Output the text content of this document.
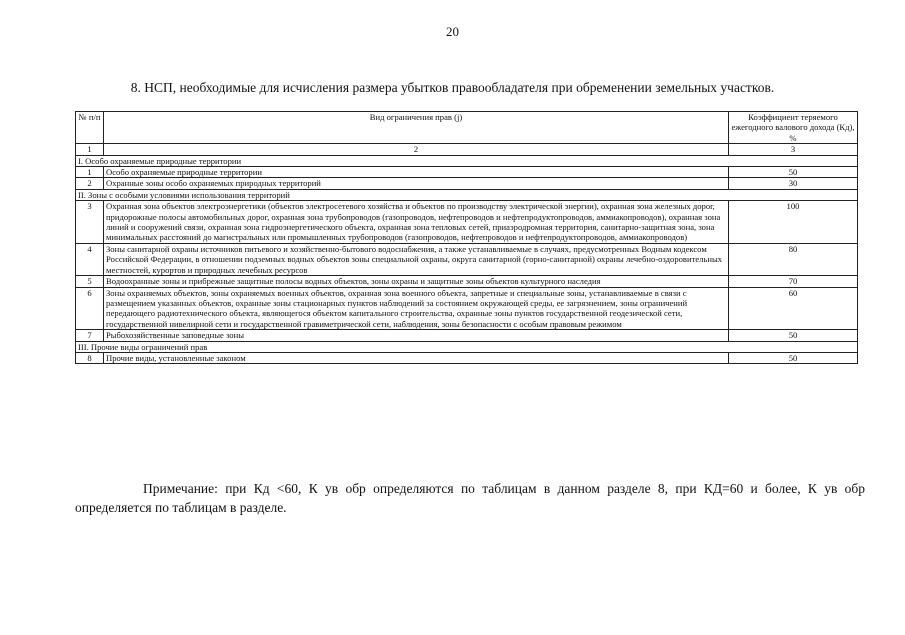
20
8. НСП, необходимые для исчисления размера убытков правообладателя при обременении земельных участков.
№ п/п	Вид ограничения прав (j)	Коэффициент теряемого ежегодного валового дохода (Кд), %
1	2	3
I. Особо охраняемые природные территории		
1	Особо охраняемые природные территории	50
2	Охранные зоны особо охраняемых природных территорий	30
II. Зоны с особыми условиями использования территорий		
3	Охранная зона объектов электроэнергетики (объектов электросетевого хозяйства и объектов по производству электрической энергии), охранная зона железных дорог, придорожные полосы автомобильных дорог, охранная зона трубопроводов (газопроводов, нефтепроводов и нефтепродуктопроводов, аммиакопроводов), охранная зона линий и сооружений связи, охранная зона гидроэнергетического объекта, охранная зона тепловых сетей, приаэродромная территория, санитарно-защитная зона, зона минимальных расстояний до магистральных или промышленных трубопроводов (газопроводов, нефтепроводов и нефтепродуктопроводов, аммиакопроводов)	100
4	Зоны санитарной охраны источников питьевого и хозяйственно-бытового водоснабжения, а также устанавливаемые в случаях, предусмотренных Водным кодексом Российской Федерации, в отношении подземных водных объектов зоны специальной охраны, округа санитарной (горно-санитарной) охраны лечебно-оздоровительных местностей, курортов и природных лечебных ресурсов	80
5	Водоохранные зоны и прибрежные защитные полосы водных объектов, зоны охраны и защитные зоны объектов культурного наследия	70
6	Зоны охраняемых объектов, зоны охраняемых военных объектов, охранная зона военного объекта, запретные и специальные зоны, устанавливаемые в связи с размещением указанных объектов, охранные зоны стационарных пунктов наблюдений за состоянием окружающей среды, ее загрязнением, зоны ограничений передающего радиотехнического объекта, являющегося объектом капитального строительства, охранные зоны пунктов государственной геодезической сети, государственной нивелирной сети и государственной гравиметрической сети, наблюдения, зоны безопасности с особым правовым режимом	60
7	Рыбохозяйственные заповедные зоны	50
III. Прочие виды ограничений прав		
8	Прочие виды, установленные законом	50

Примечание: при Кд <60, К ув обр определяются по таблицам в данном разделе 8, при КД=60 и более, К ув обр определяется по таблицам в разделе.
